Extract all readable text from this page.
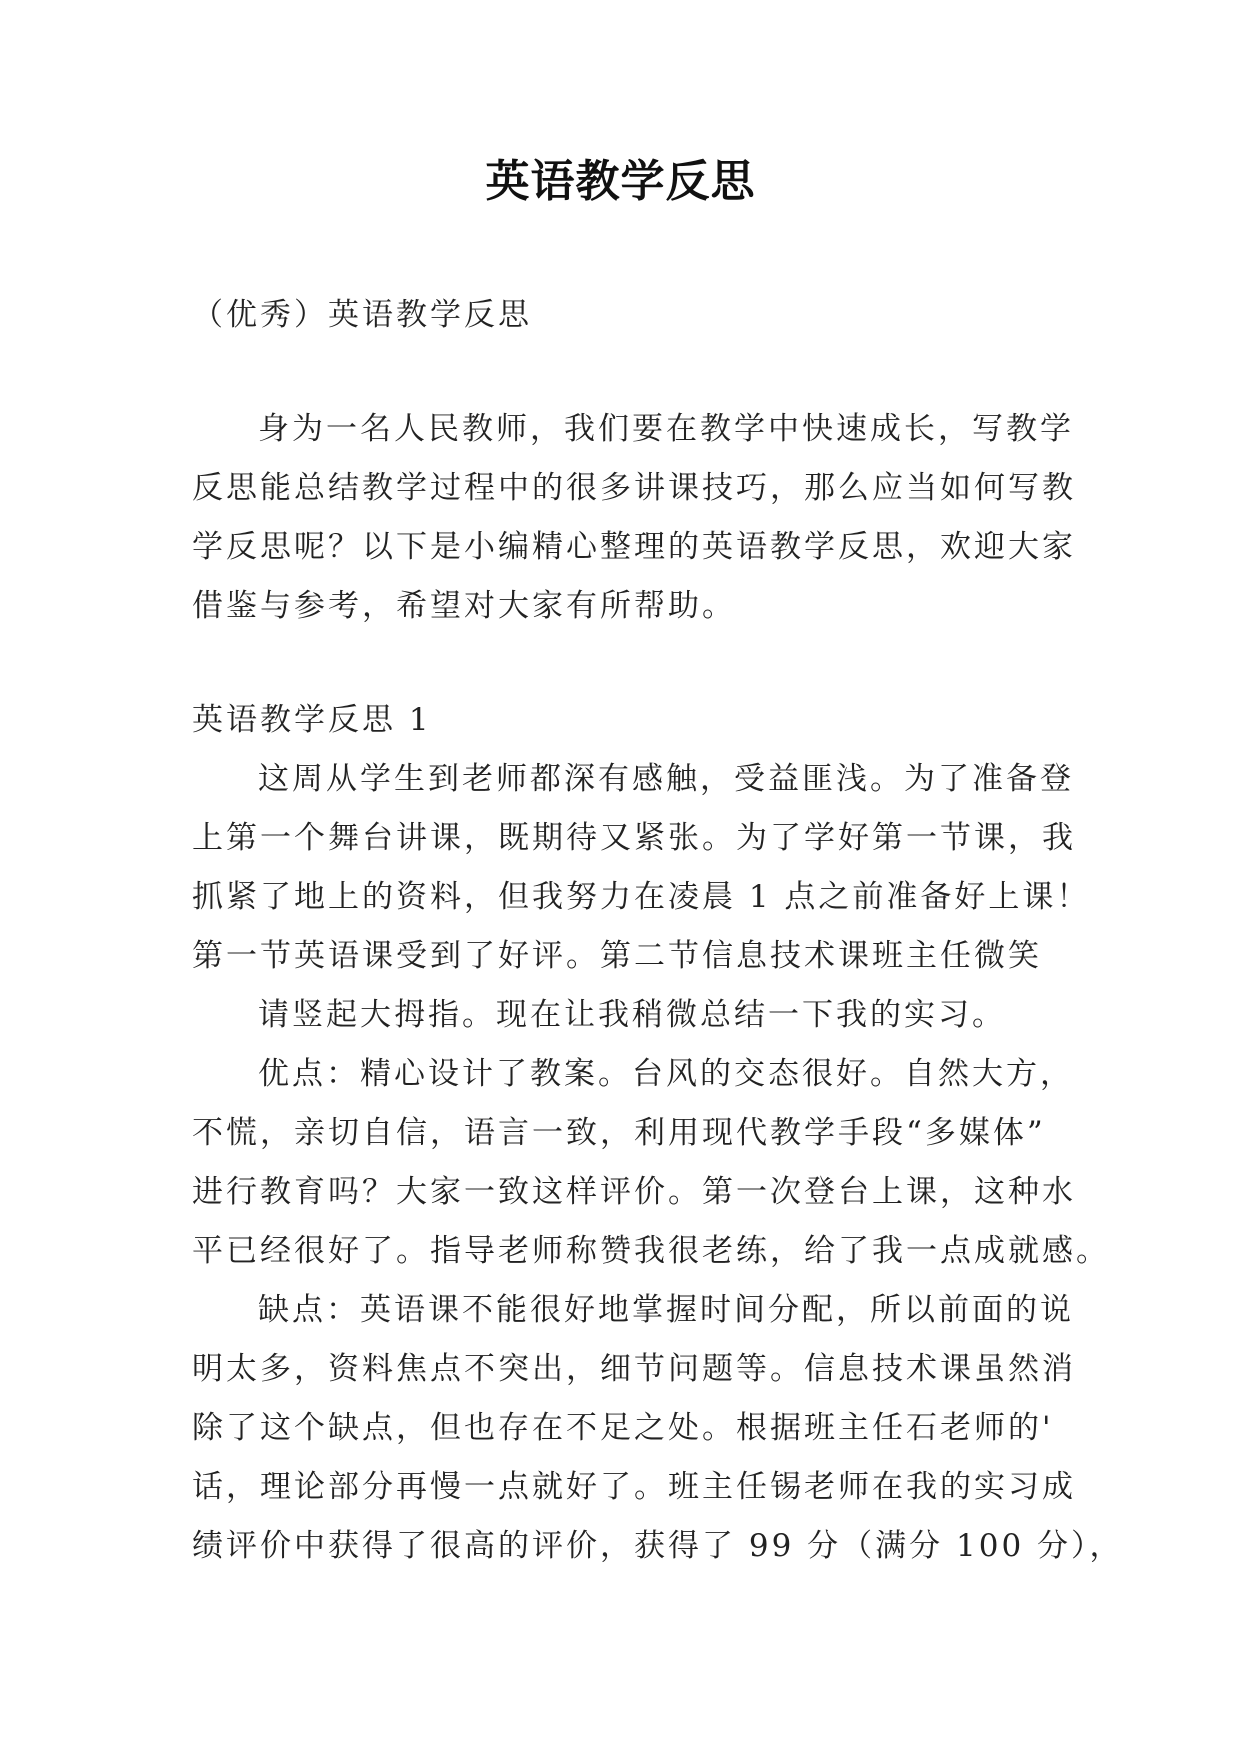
英语教学反思
（优秀）英语教学反思
身为一名人民教师，我们要在教学中快速成长，写教学
反思能总结教学过程中的很多讲课技巧，那么应当如何写教
学反思呢？以下是小编精心整理的英语教学反思，欢迎大家
借鉴与参考，希望对大家有所帮助。
英语教学反思 1
这周从学生到老师都深有感触，受益匪浅。为了准备登
上第一个舞台讲课，既期待又紧张。为了学好第一节课，我
抓紧了地上的资料，但我努力在凌晨 1 点之前准备好上课！
第一节英语课受到了好评。第二节信息技术课班主任微笑
请竖起大拇指。现在让我稍微总结一下我的实习。
优点：精心设计了教案。台风的交态很好。自然大方，
不慌，亲切自信，语言一致，利用现代教学手段“多媒体”
进行教育吗？大家一致这样评价。第一次登台上课，这种水
平已经很好了。指导老师称赞我很老练，给了我一点成就感。
缺点：英语课不能很好地掌握时间分配，所以前面的说
明太多，资料焦点不突出，细节问题等。信息技术课虽然消
除了这个缺点，但也存在不足之处。根据班主任石老师的'
话，理论部分再慢一点就好了。班主任锡老师在我的实习成
绩评价中获得了很高的评价，获得了 99 分（满分 100 分），
